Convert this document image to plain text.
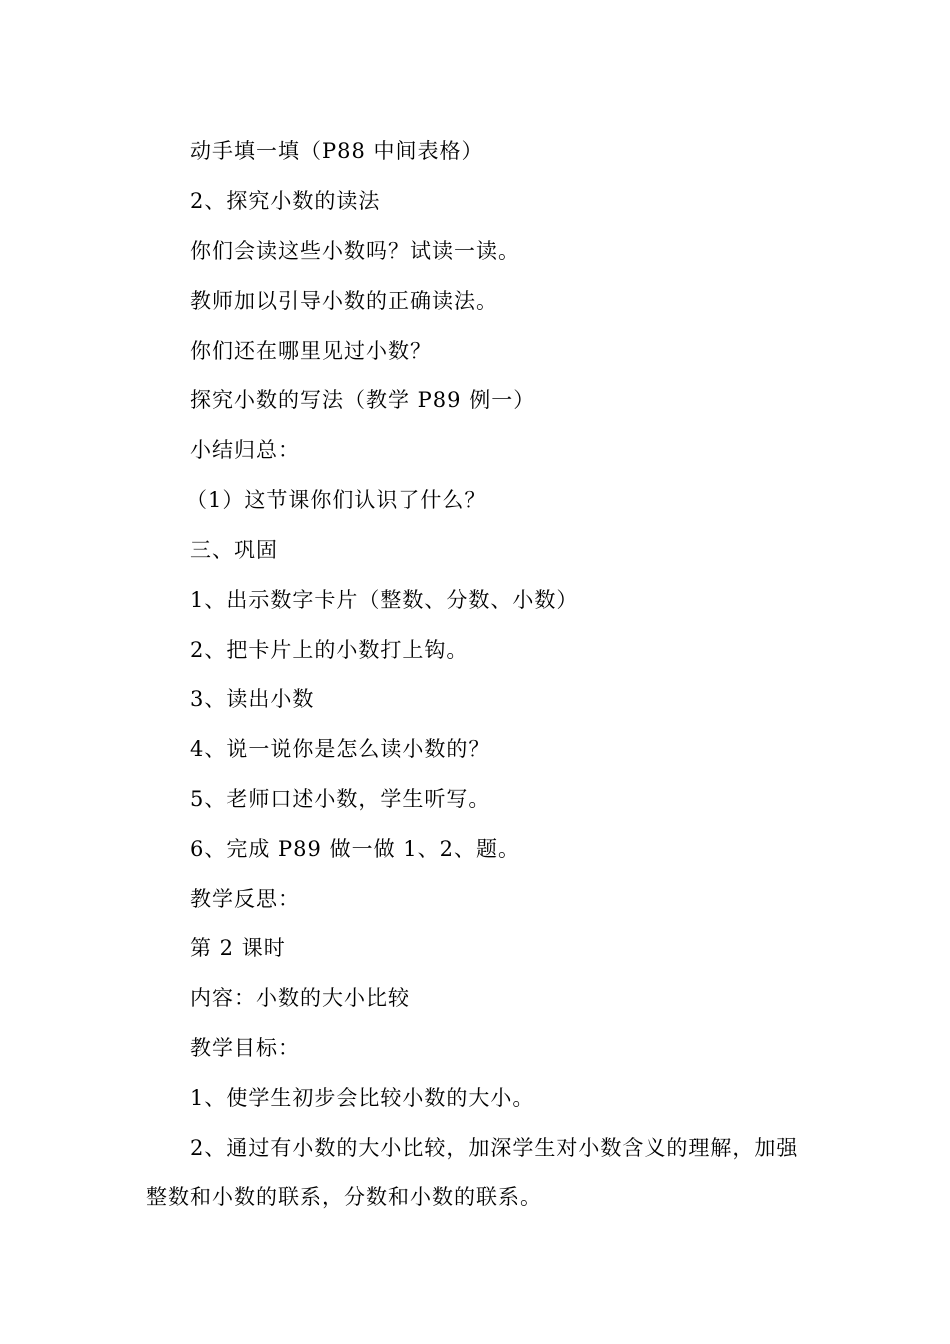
动手填一填（P88 中间表格）

2、探究小数的读法

你们会读这些小数吗？试读一读。

教师加以引导小数的正确读法。

你们还在哪里见过小数？

探究小数的写法（教学 P89 例一）

小结归总：

（1）这节课你们认识了什么？

三、巩固

1、出示数字卡片（整数、分数、小数）

2、把卡片上的小数打上钩。

3、读出小数

4、说一说你是怎么读小数的？

5、老师口述小数，学生听写。

6、完成 P89 做一做 1、2、题。

教学反思：

第 2 课时

内容：小数的大小比较

教学目标：

1、使学生初步会比较小数的大小。

2、通过有小数的大小比较，加深学生对小数含义的理解，加强

整数和小数的联系，分数和小数的联系。
